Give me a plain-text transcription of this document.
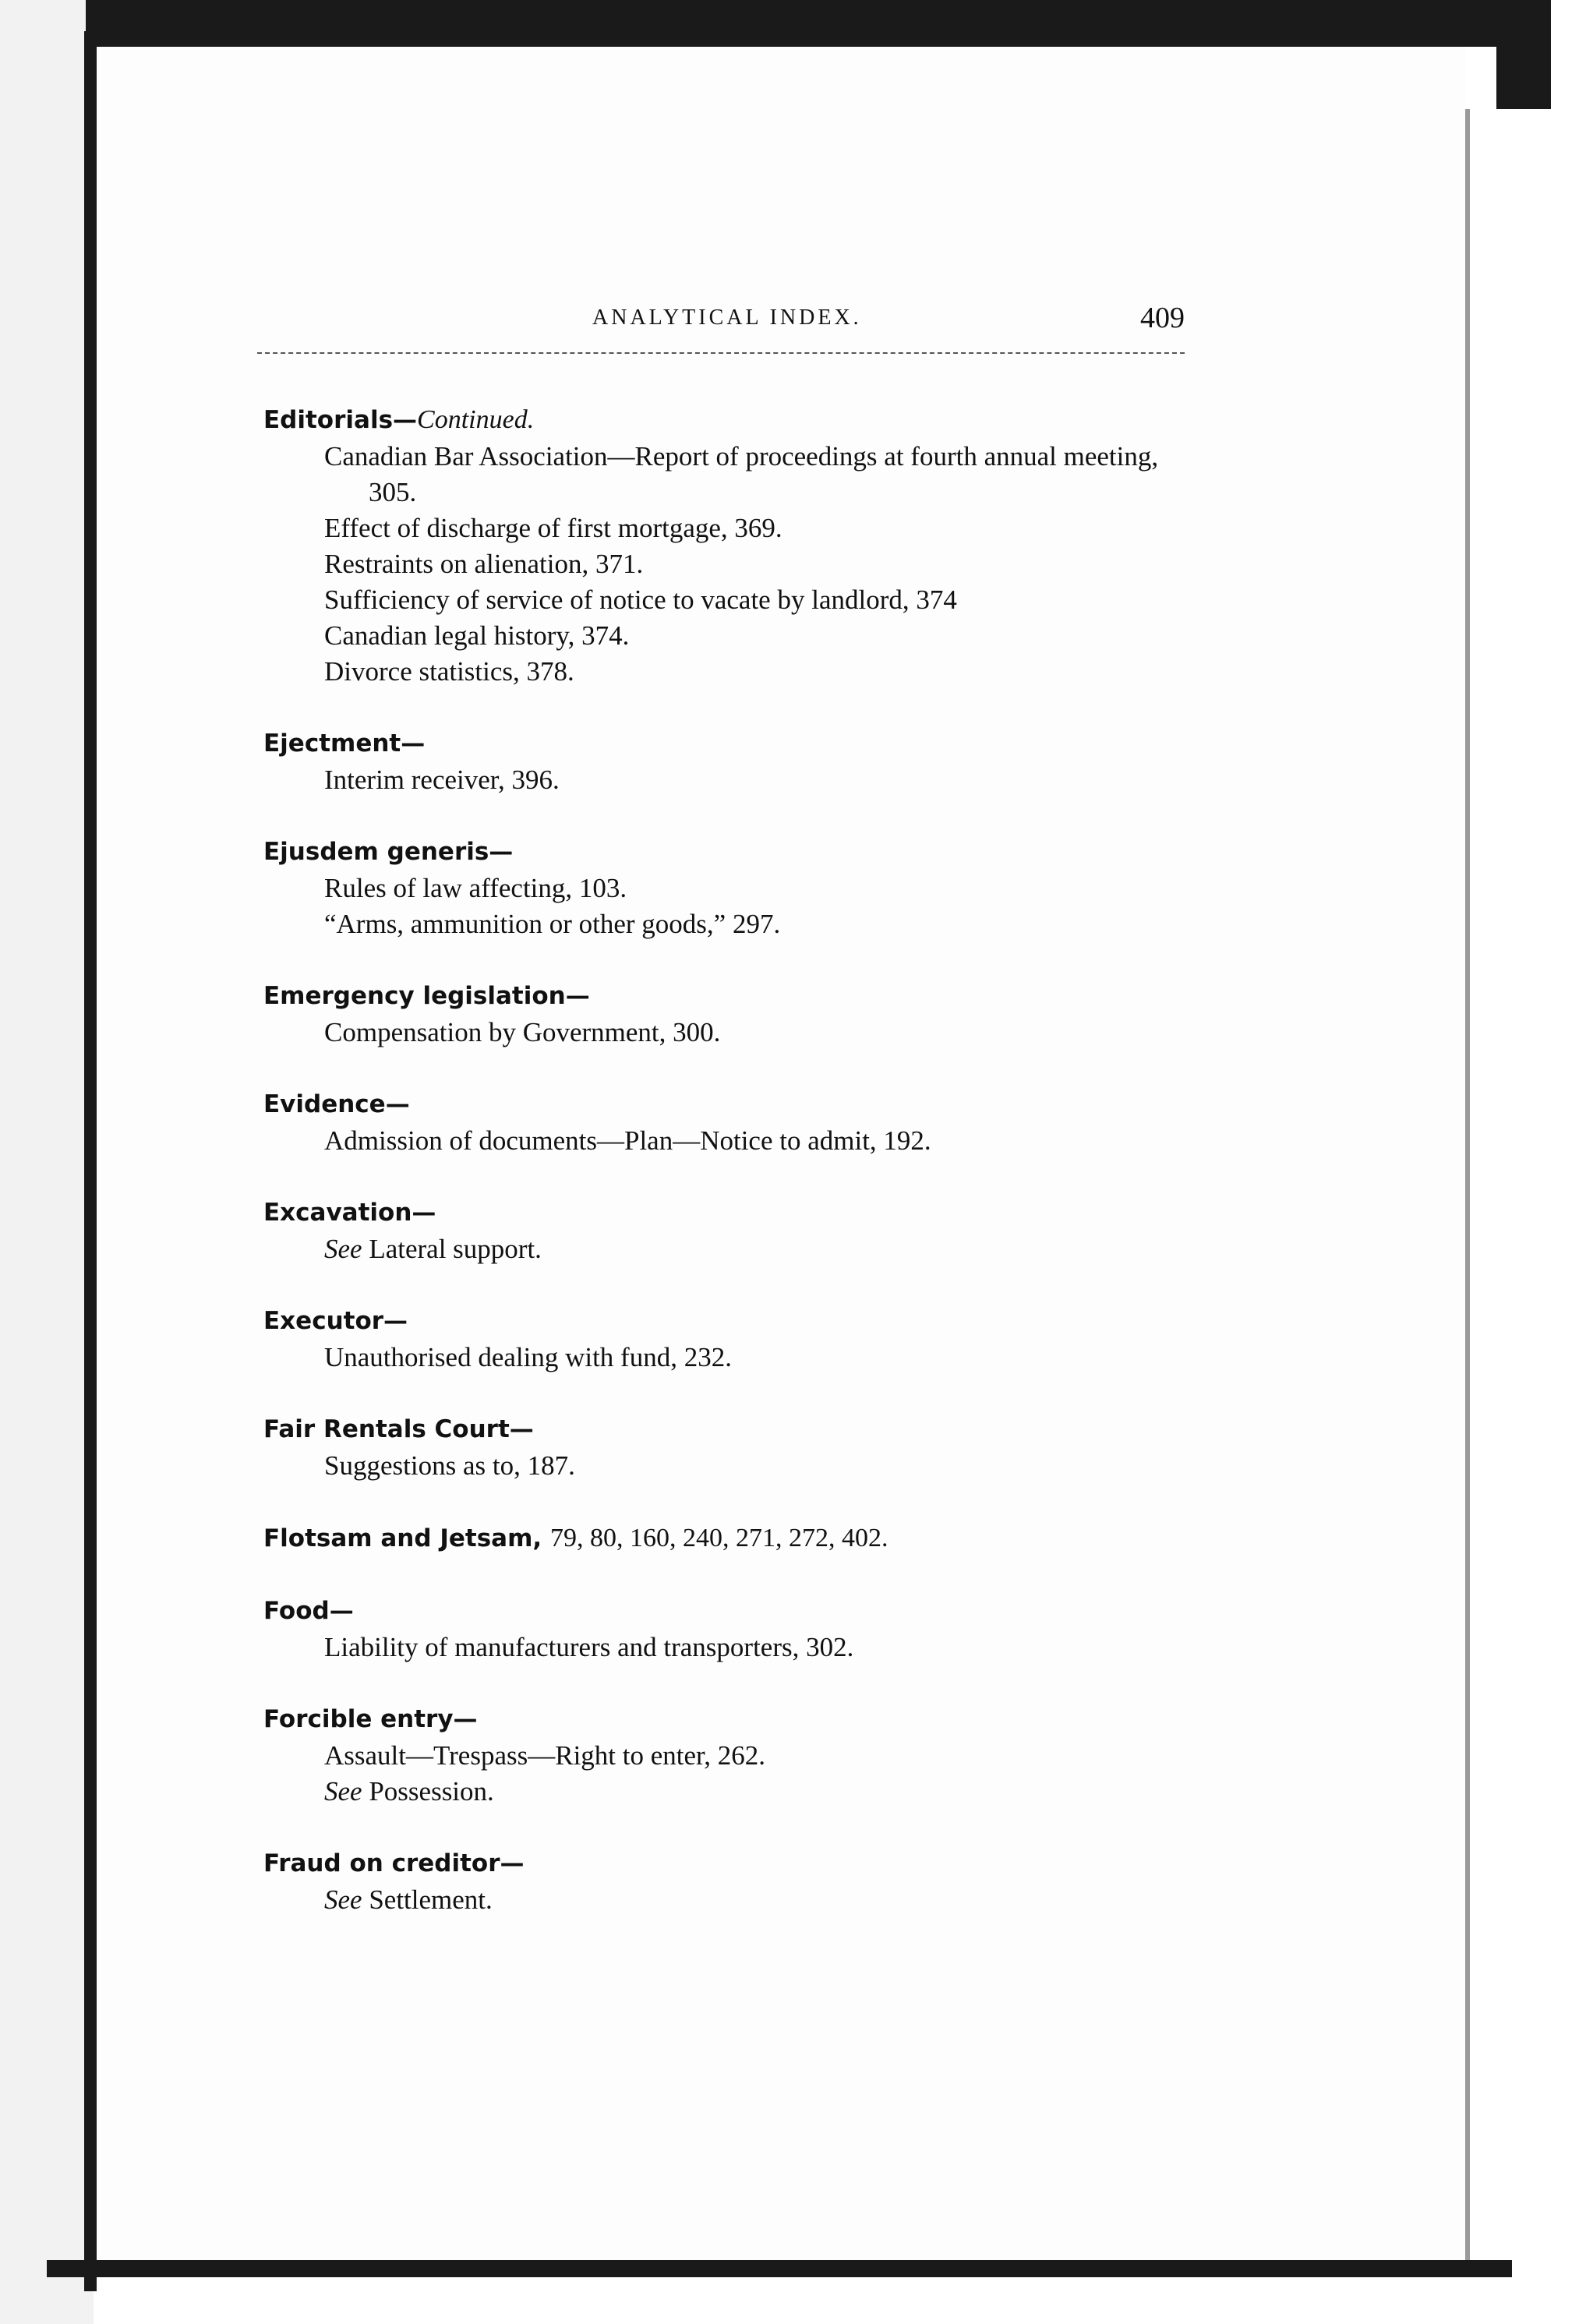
ANALYTICAL INDEX.	409
Editorials—Continued.
Canadian Bar Association—Report of proceedings at fourth annual meeting, 305.
Effect of discharge of first mortgage, 369.
Restraints on alienation, 371.
Sufficiency of service of notice to vacate by landlord, 374
Canadian legal history, 374.
Divorce statistics, 378.
Ejectment—
Interim receiver, 396.
Ejusdem generis—
Rules of law affecting, 103.
“Arms, ammunition or other goods,” 297.
Emergency legislation—
Compensation by Government, 300.
Evidence—
Admission of documents—Plan—Notice to admit, 192.
Excavation—
See Lateral support.
Executor—
Unauthorised dealing with fund, 232.
Fair Rentals Court—
Suggestions as to, 187.
Flotsam and Jetsam, 79, 80, 160, 240, 271, 272, 402.
Food—
Liability of manufacturers and transporters, 302.
Forcible entry—
Assault—Trespass—Right to enter, 262.
See Possession.
Fraud on creditor—
See Settlement.
